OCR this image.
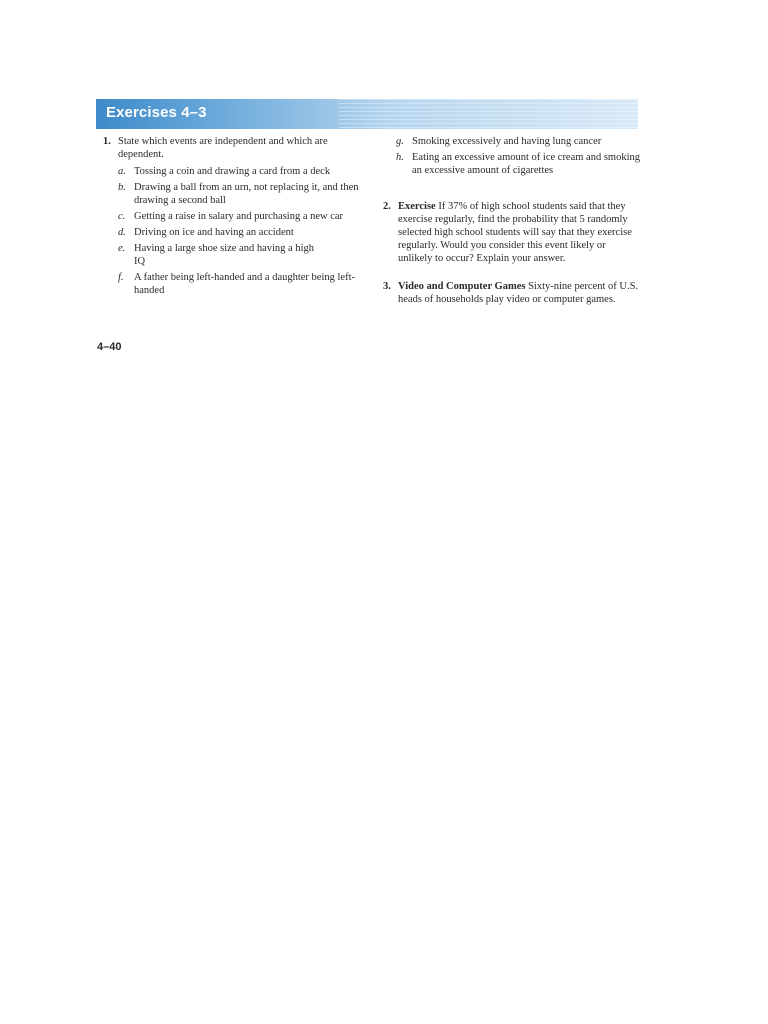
Exercises 4–3
1. State which events are independent and which are dependent.
a. Tossing a coin and drawing a card from a deck
b. Drawing a ball from an urn, not replacing it, and then drawing a second ball
c. Getting a raise in salary and purchasing a new car
d. Driving on ice and having an accident
e. Having a large shoe size and having a high IQ
f. A father being left-handed and a daughter being left-handed
g. Smoking excessively and having lung cancer
h. Eating an excessive amount of ice cream and smoking an excessive amount of cigarettes
2. Exercise If 37% of high school students said that they exercise regularly, find the probability that 5 randomly selected high school students will say that they exercise regularly. Would you consider this event likely or unlikely to occur? Explain your answer.
3. Video and Computer Games Sixty-nine percent of U.S. heads of households play video or computer games.
4–40
